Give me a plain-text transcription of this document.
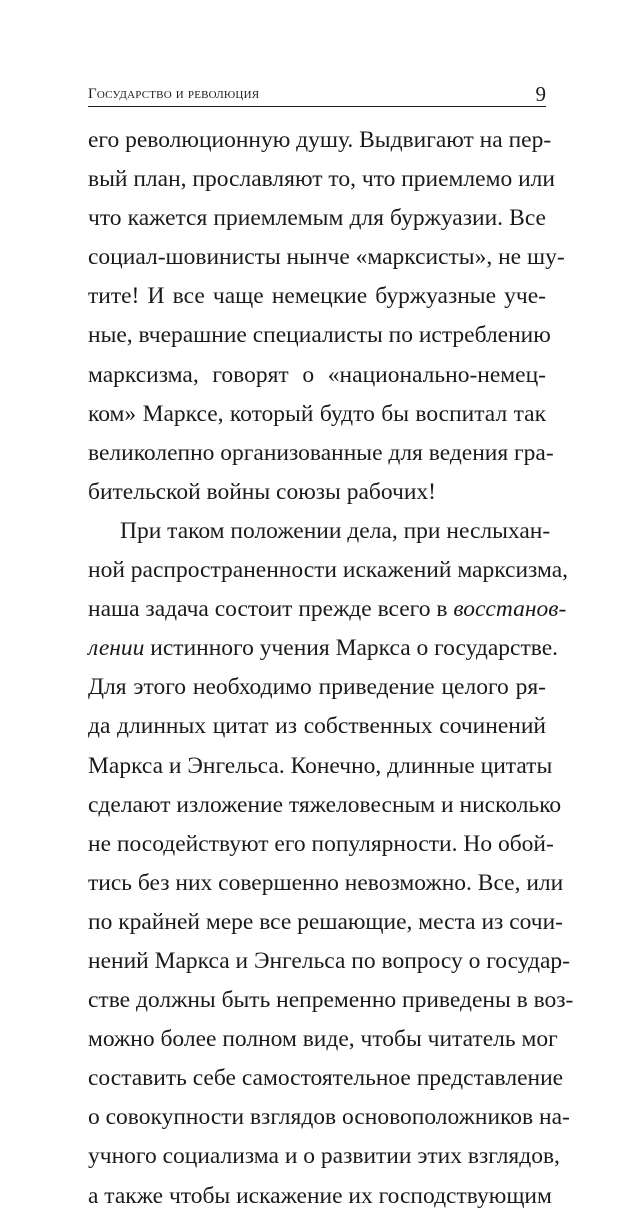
Государство и революция	9
его революционную душу. Выдвигают на пер-
вый план, прославляют то, что приемлемо или
что кажется приемлемым для буржуазии. Все
социал-шовинисты нынче «марксисты», не шу-
тите! И все чаще немецкие буржуазные уче-
ные, вчерашние специалисты по истреблению
марксизма, говорят о «национально-немец-
ком» Марксе, который будто бы воспитал так
великолепно организованные для ведения гра-
бительской войны союзы рабочих!
При таком положении дела, при неслыхан-
ной распространенности искажений марксизма,
наша задача состоит прежде всего в восстанов-
лении истинного учения Маркса о государстве.
Для этого необходимо приведение целого ря-
да длинных цитат из собственных сочинений
Маркса и Энгельса. Конечно, длинные цитаты
сделают изложение тяжеловесным и нисколько
не посодействуют его популярности. Но обой-
тись без них совершенно невозможно. Все, или
по крайней мере все решающие, места из сочи-
нений Маркса и Энгельса по вопросу о государ-
стве должны быть непременно приведены в воз-
можно более полном виде, чтобы читатель мог
составить себе самостоятельное представление
о совокупности взглядов основоположников на-
учного социализма и о развитии этих взглядов,
а также чтобы искажение их господствующим
